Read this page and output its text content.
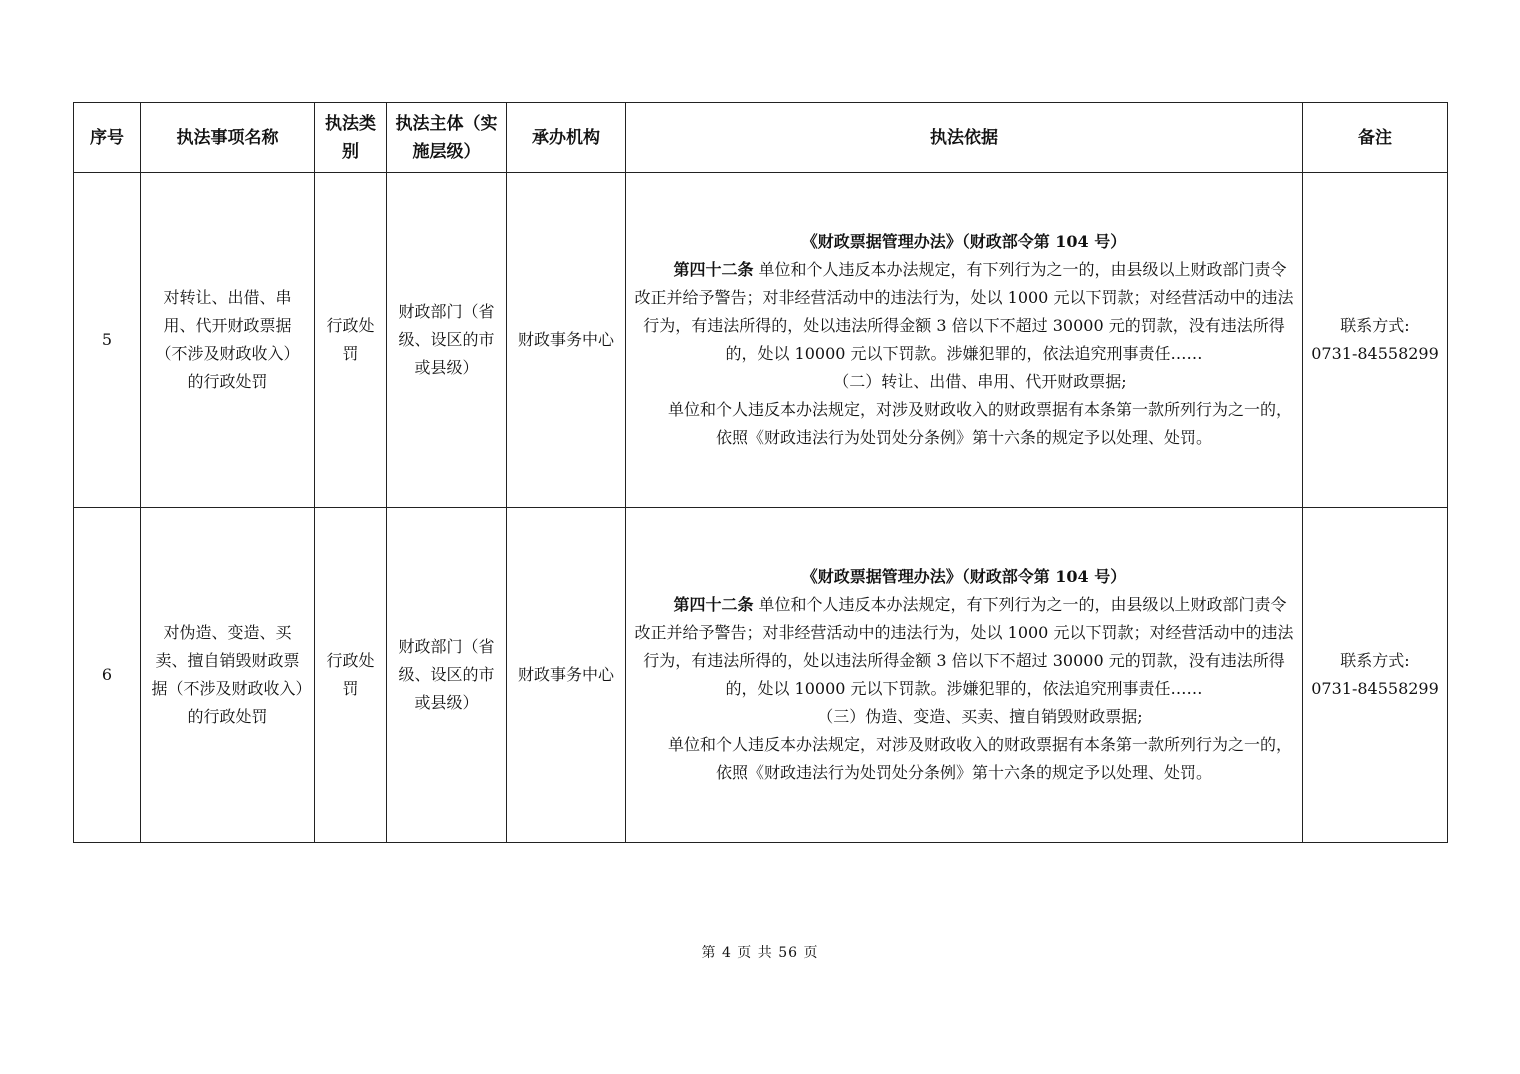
序号	执法事项名称	执法类别	执法主体（实施层级）	承办机构	执法依据	备注
5	对转让、出借、串用、代开财政票据（不涉及财政收入）的行政处罚	行政处罚	财政部门（省级、设区的市或县级）	财政事务中心	《财政票据管理办法》（财政部令第 104 号）
第四十二条 单位和个人违反本办法规定，有下列行为之一的，由县级以上财政部门责令改正并给予警告；对非经营活动中的违法行为，处以 1000 元以下罚款；对经营活动中的违法行为，有违法所得的，处以违法所得金额 3 倍以下不超过 30000 元的罚款，没有违法所得的，处以 10000 元以下罚款。涉嫌犯罪的，依法追究刑事责任……
（二）转让、出借、串用、代开财政票据;
单位和个人违反本办法规定，对涉及财政收入的财政票据有本条第一款所列行为之一的，依照《财政违法行为处罚处分条例》第十六条的规定予以处理、处罚。	联系方式:
0731-84558299
6	对伪造、变造、买卖、擅自销毁财政票据（不涉及财政收入）的行政处罚	行政处罚	财政部门（省级、设区的市或县级）	财政事务中心	《财政票据管理办法》（财政部令第 104 号）
第四十二条 单位和个人违反本办法规定，有下列行为之一的，由县级以上财政部门责令改正并给予警告；对非经营活动中的违法行为，处以 1000 元以下罚款；对经营活动中的违法行为，有违法所得的，处以违法所得金额 3 倍以下不超过 30000 元的罚款，没有违法所得的，处以 10000 元以下罚款。涉嫌犯罪的，依法追究刑事责任……
（三）伪造、变造、买卖、擅自销毁财政票据;
单位和个人违反本办法规定，对涉及财政收入的财政票据有本条第一款所列行为之一的，依照《财政违法行为处罚处分条例》第十六条的规定予以处理、处罚。	联系方式:
0731-84558299
第 4 页 共 56 页
